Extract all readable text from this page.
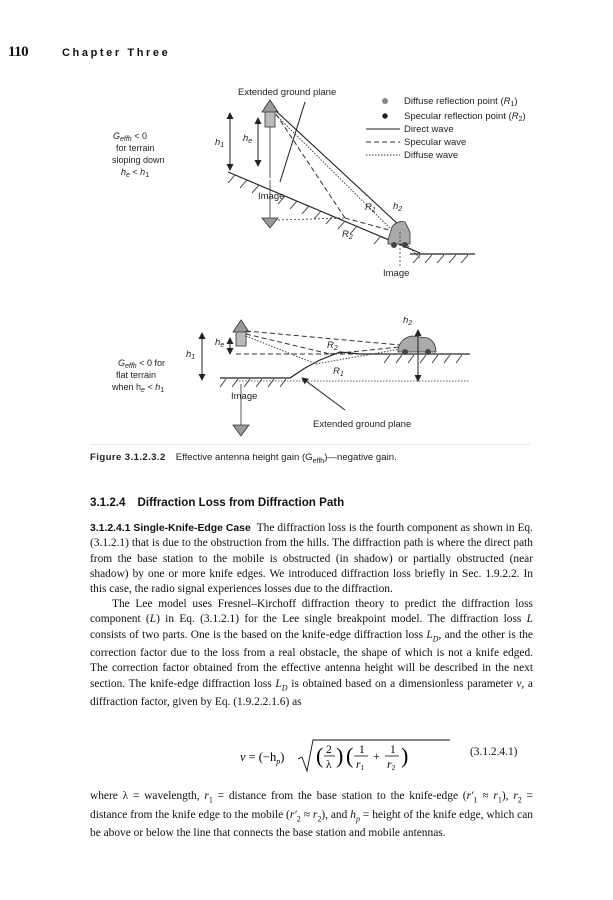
110	Chapter Three
Extended ground plane
$G_{effh} < 0$
for terrain
sloping down
$h_e < h_1$
$h_1$
$h_e$
Image
$R_1$
$R_2$
$h_2$
Image
Diffuse reflection point $(R_1)$
Specular reflection point $(R_2)$
Direct wave
Specular wave
Diffuse wave
$G_{effh} < 0$ for
flat terrain
when $h_e < h_1$
$h_1$
$h_e$
Image
$h_2$
$R_2$
$R_1$
Extended ground plane
Figure 3.1.2.3.2 Effective antenna height gain $(G_{effh})—negative$ gain.
3.1.2.4 Diffraction Loss from Diffraction Path
3.1.2.4.1 Single-Knife-Edge Case The diffraction loss is the fourth component as shown in Eq. (3.1.2.1) that is due to the obstruction from the hills. The diffraction path is where the direct path from the base station to the mobile is obstructed (in shadow) or partially obstructed (near shadow) by one or more knife edges. We introduced diffraction loss briefly in Sec. 1.9.2.2. In this case, the radio signal experiences losses due to the diffraction.
The Lee model uses Fresnel–Kirchoff diffraction theory to predict the diffraction loss component (L) in Eq. (3.1.2.1) for the Lee single breakpoint model. The diffraction loss L consists of two parts. One is the based on the knife-edge diffraction loss $L_D$, and the other is the correction factor due to the loss from a real obstacle, the shape of which is not a knife edged. The correction factor obtained from the effective antenna height will be described in the next section. The knife-edge diffraction loss $L_D$ is obtained based on a dimensionless parameter v, a diffraction factor, given by Eq. (1.9.2.2.1.6) as
$v = (-h_p)$ ( 2
λ ) ( 1
r1
+ 1
r2 )	(3.1.2.4.1)
where λ = wavelength, $r_1$ = distance from the base station to the knife-edge $(r'_1 \approx r_1)$, $r_2$ = distance from the knife edge to the mobile $(r'_2 \approx r_2)$, and $h_p$ = height of the knife edge, which can be above or below the line that connects the base station and mobile antennas.
